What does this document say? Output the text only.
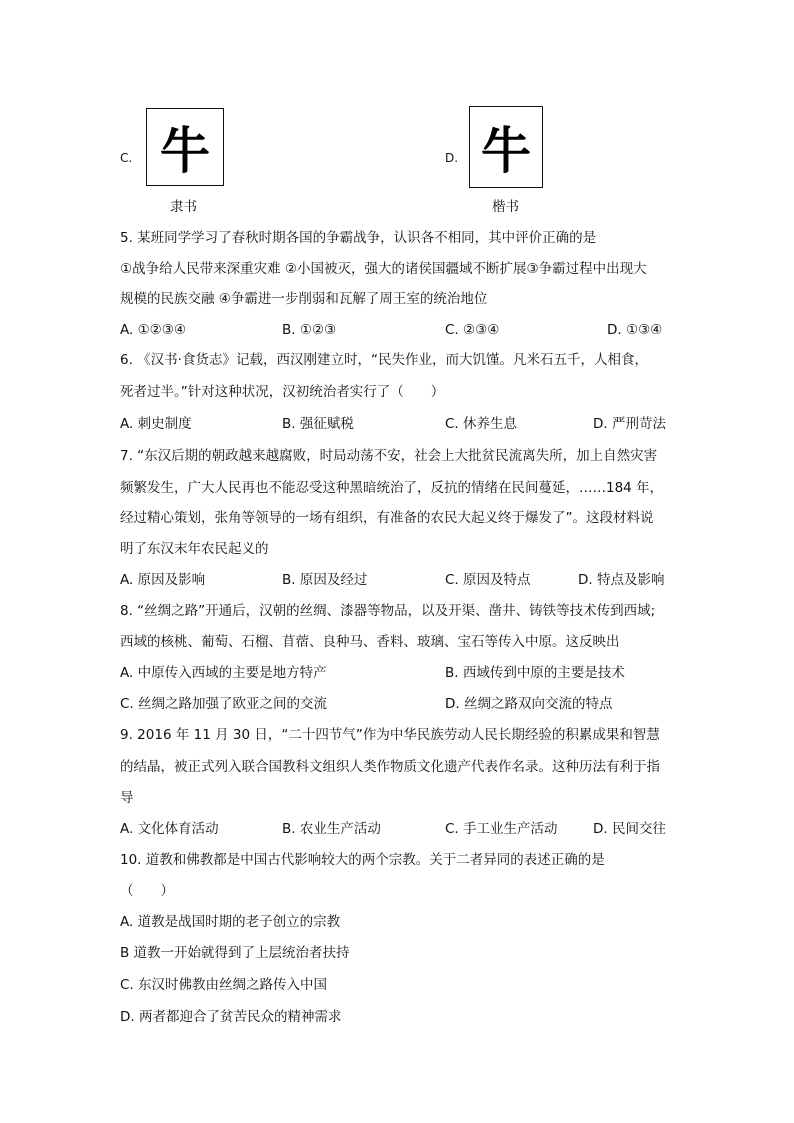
C. 牛
隶书
D. 牛
楷书
5. 某班同学学习了春秋时期各国的争霸战争，认识各不相同，其中评价正确的是
①战争给人民带来深重灾难 ②小国被灭，强大的诸侯国疆域不断扩展③争霸过程中出现大
规模的民族交融 ④争霸进一步削弱和瓦解了周王室的统治地位
A. ①②③④	B. ①②③	C. ②③④	D. ①③④
6. 《汉书·食货志》记载，西汉刚建立时，“民失作业，而大饥馑。凡米石五千，人相食，
死者过半。”针对这种状况，汉初统治者实行了（　　）
A. 刺史制度	B. 强征赋税	C. 休养生息	D. 严刑苛法
7. “东汉后期的朝政越来越腐败，时局动荡不安，社会上大批贫民流离失所，加上自然灾害
频繁发生，广大人民再也不能忍受这种黑暗统治了，反抗的情绪在民间蔓延，……184 年，
经过精心策划，张角等领导的一场有组织，有准备的农民大起义终于爆发了”。这段材料说
明了东汉末年农民起义的
A. 原因及影响	B. 原因及经过	C. 原因及特点	D. 特点及影响
8. “丝绸之路”开通后，汉朝的丝绸、漆器等物品，以及开渠、凿井、铸铁等技术传到西域;
西域的核桃、葡萄、石榴、苜蓿、良种马、香料、玻璃、宝石等传入中原。这反映出
A. 中原传入西域的主要是地方特产	B. 西域传到中原的主要是技术
C. 丝绸之路加强了欧亚之间的交流	D. 丝绸之路双向交流的特点
9. 2016 年 11 月 30 日，“二十四节气”作为中华民族劳动人民长期经验的积累成果和智慧
的结晶，被正式列入联合国教科文组织人类作物质文化遗产代表作名录。这种历法有利于指
导
A. 文化体育活动	B. 农业生产活动	C. 手工业生产活动	D. 民间交往
10. 道教和佛教都是中国古代影响较大的两个宗教。关于二者异同的表述正确的是
（　　）
A. 道教是战国时期的老子创立的宗教
B 道教一开始就得到了上层统治者扶持
C. 东汉时佛教由丝绸之路传入中国
D. 两者都迎合了贫苦民众的精神需求
